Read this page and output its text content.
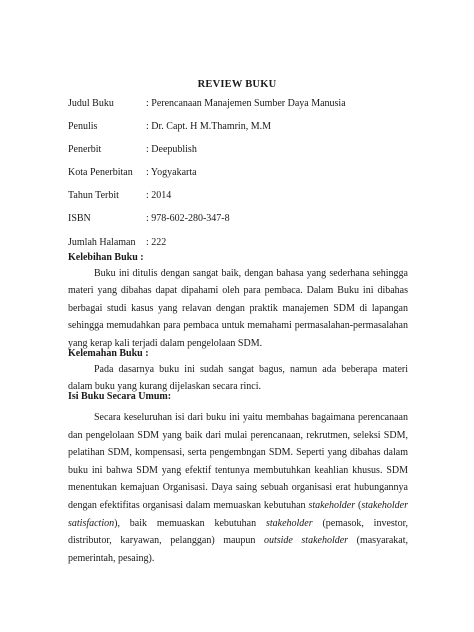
REVIEW BUKU
Judul Buku	: Perencanaan Manajemen Sumber Daya Manusia
Penulis	: Dr. Capt. H M.Thamrin, M.M
Penerbit	: Deepublish
Kota Penerbitan : Yogyakarta
Tahun Terbit	: 2014
ISBN	: 978-602-280-347-8
Jumlah Halaman : 222
Kelebihan Buku :

Buku ini ditulis dengan sangat baik, dengan bahasa yang sederhana sehingga materi yang dibahas dapat dipahami oleh para pembaca. Dalam Buku ini dibahas berbagai studi kasus yang relavan dengan praktik manajemen SDM di lapangan sehingga memudahkan para pembaca untuk memahami permasalahan-permasalahan yang kerap kali terjadi dalam pengelolaan SDM.

Kelemahan Buku :

Pada dasarnya buku ini sudah sangat bagus, namun ada beberapa materi dalam buku yang kurang dijelaskan secara rinci.

Isi Buku Secara Umum:

Secara keseluruhan isi dari buku ini yaitu membahas bagaimana perencanaan dan pengelolaan SDM yang baik dari mulai perencanaan, rekrutmen, seleksi SDM, pelatihan SDM, kompensasi, serta pengembngan SDM. Seperti yang dibahas dalam buku ini bahwa SDM yang efektif tentunya membutuhkan keahlian khusus. SDM menentukan kemajuan Organisasi. Daya saing sebuah organisasi erat hubungannya dengan efektifitas organisasi dalam memuaskan kebutuhan stakeholder (stakeholder satisfaction), baik memuaskan kebutuhan stakeholder (pemasok, investor, distributor, karyawan, pelanggan) maupun outside stakeholder (masyarakat, pemerintah, pesaing).
